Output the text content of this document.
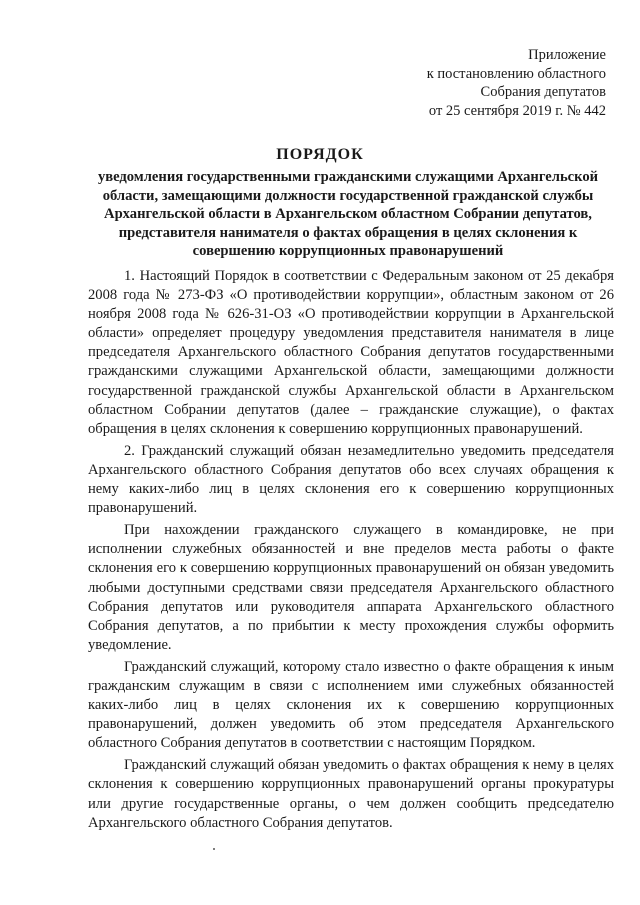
Приложение
к постановлению областного
Собрания депутатов
от 25 сентября 2019 г. № 442
ПОРЯДОК
уведомления государственными гражданскими служащими Архангельской области, замещающими должности государственной гражданской службы Архангельской области в Архангельском областном Собрании депутатов, представителя нанимателя о фактах обращения в целях склонения к совершению коррупционных правонарушений

1. Настоящий Порядок в соответствии с Федеральным законом от 25 декабря 2008 года № 273-ФЗ «О противодействии коррупции», областным законом от 26 ноября 2008 года № 626-31-ОЗ «О противодействии коррупции в Архангельской области» определяет процедуру уведомления представителя нанимателя в лице председателя Архангельского областного Собрания депутатов государственными гражданскими служащими Архангельской области, замещающими должности государственной гражданской службы Архангельской области в Архангельском областном Собрании депутатов (далее – гражданские служащие), о фактах обращения в целях склонения к совершению коррупционных правонарушений.

2. Гражданский служащий обязан незамедлительно уведомить председателя Архангельского областного Собрания депутатов обо всех случаях обращения к нему каких-либо лиц в целях склонения его к совершению коррупционных правонарушений.

При нахождении гражданского служащего в командировке, не при исполнении служебных обязанностей и вне пределов места работы о факте склонения его к совершению коррупционных правонарушений он обязан уведомить любыми доступными средствами связи председателя Архангельского областного Собрания депутатов или руководителя аппарата Архангельского областного Собрания депутатов, а по прибытии к месту прохождения службы оформить уведомление.

Гражданский служащий, которому стало известно о факте обращения к иным гражданским служащим в связи с исполнением ими служебных обязанностей каких-либо лиц в целях склонения их к совершению коррупционных правонарушений, должен уведомить об этом председателя Архангельского областного Собрания депутатов в соответствии с настоящим Порядком.

Гражданский служащий обязан уведомить о фактах обращения к нему в целях склонения к совершению коррупционных правонарушений органы прокуратуры или другие государственные органы, о чем должен сообщить председателю Архангельского областного Собрания депутатов.
